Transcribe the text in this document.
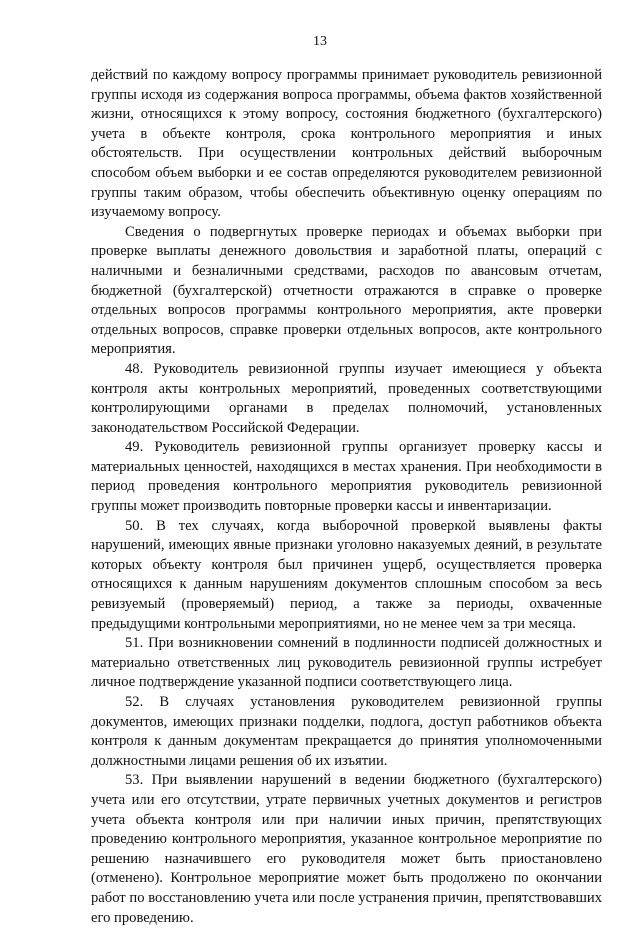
13

действий по каждому вопросу программы принимает руководитель ревизионной группы исходя из содержания вопроса программы, объема фактов хозяйственной жизни, относящихся к этому вопросу, состояния бюджетного (бухгалтерского) учета в объекте контроля, срока контрольного мероприятия и иных обстоятельств. При осуществлении контрольных действий выборочным способом объем выборки и ее состав определяются руководителем ревизионной группы таким образом, чтобы обеспечить объективную оценку операциям по изучаемому вопросу.

Сведения о подвергнутых проверке периодах и объемах выборки при проверке выплаты денежного довольствия и заработной платы, операций с наличными и безналичными средствами, расходов по авансовым отчетам, бюджетной (бухгалтерской) отчетности отражаются в справке о проверке отдельных вопросов программы контрольного мероприятия, акте проверки отдельных вопросов, справке проверки отдельных вопросов, акте контрольного мероприятия.

48. Руководитель ревизионной группы изучает имеющиеся у объекта контроля акты контрольных мероприятий, проведенных соответствующими контролирующими органами в пределах полномочий, установленных законодательством Российской Федерации.

49. Руководитель ревизионной группы организует проверку кассы и материальных ценностей, находящихся в местах хранения. При необходимости в период проведения контрольного мероприятия руководитель ревизионной группы может производить повторные проверки кассы и инвентаризации.

50. В тех случаях, когда выборочной проверкой выявлены факты нарушений, имеющих явные признаки уголовно наказуемых деяний, в результате которых объекту контроля был причинен ущерб, осуществляется проверка относящихся к данным нарушениям документов сплошным способом за весь ревизуемый (проверяемый) период, а также за периоды, охваченные предыдущими контрольными мероприятиями, но не менее чем за три месяца.

51. При возникновении сомнений в подлинности подписей должностных и материально ответственных лиц руководитель ревизионной группы истребует личное подтверждение указанной подписи соответствующего лица.

52. В случаях установления руководителем ревизионной группы документов, имеющих признаки подделки, подлога, доступ работников объекта контроля к данным документам прекращается до принятия уполномоченными должностными лицами решения об их изъятии.

53. При выявлении нарушений в ведении бюджетного (бухгалтерского) учета или его отсутствии, утрате первичных учетных документов и регистров учета объекта контроля или при наличии иных причин, препятствующих проведению контрольного мероприятия, указанное контрольное мероприятие по решению назначившего его руководителя может быть приостановлено (отменено). Контрольное мероприятие может быть продолжено по окончании работ по восстановлению учета или после устранения причин, препятствовавших его проведению.
